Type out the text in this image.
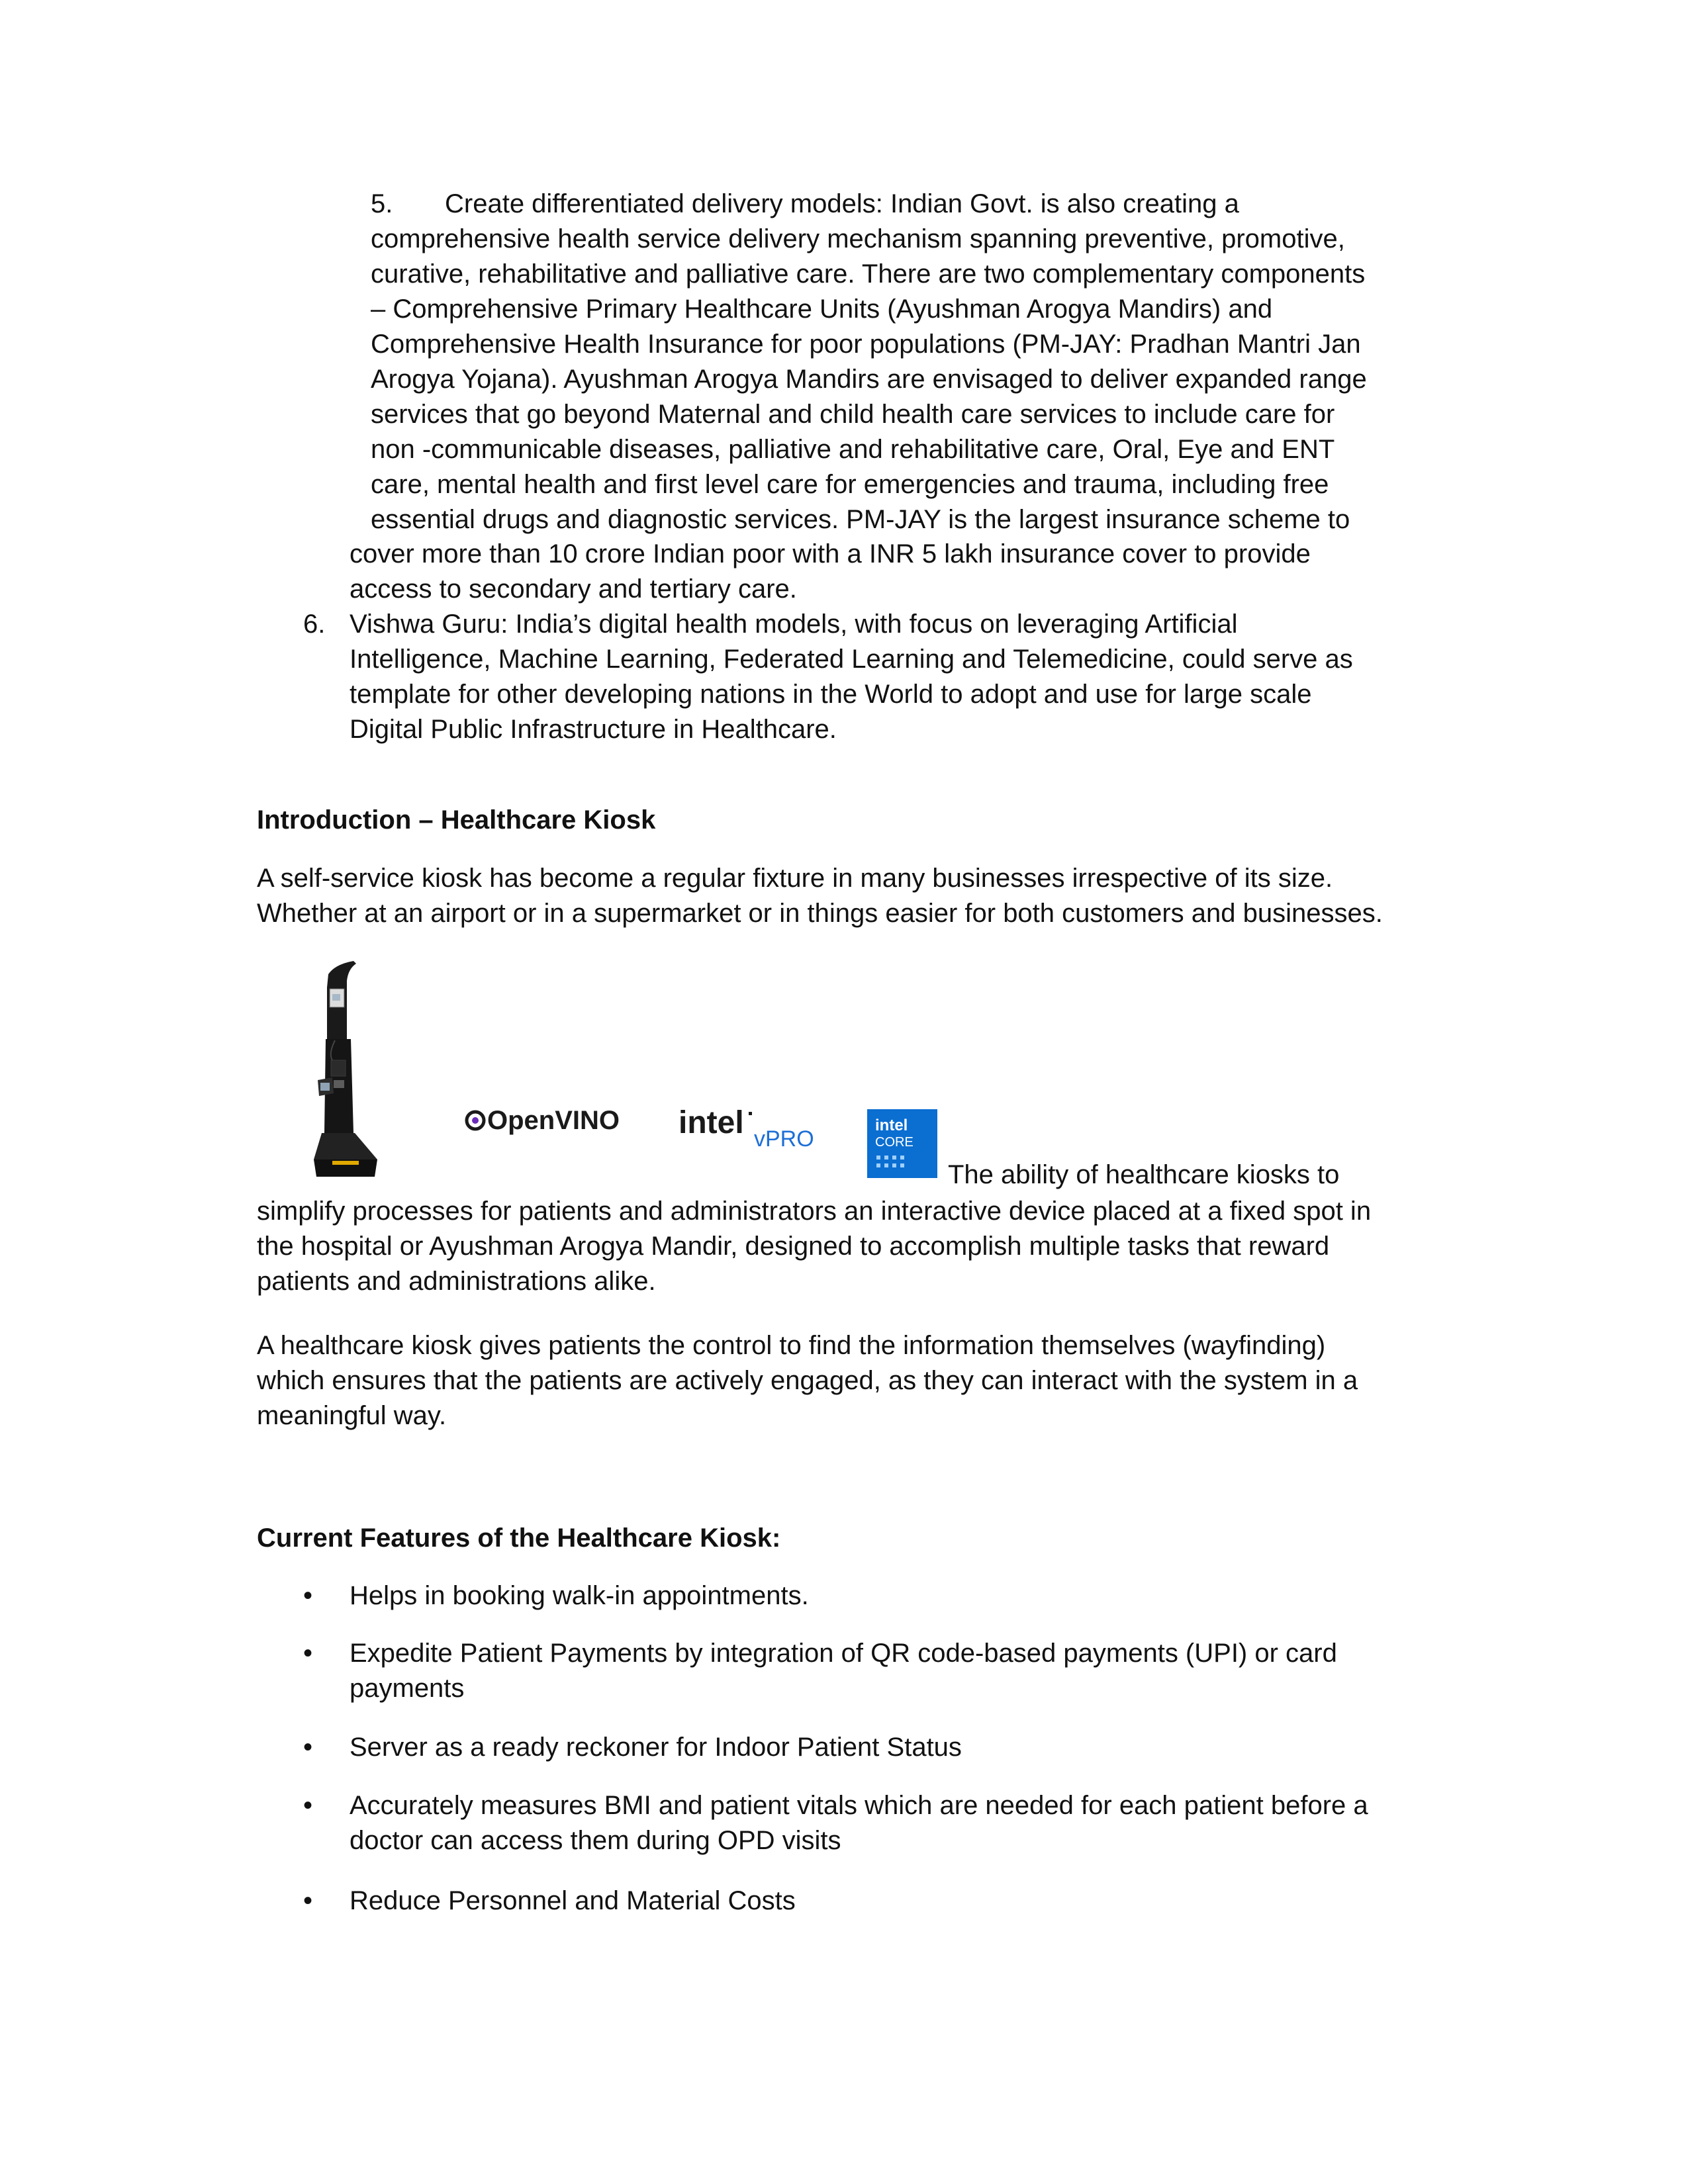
5. Create differentiated delivery models: Indian Govt. is also creating a
comprehensive health service delivery mechanism spanning preventive, promotive,
curative, rehabilitative and palliative care. There are two complementary components
– Comprehensive Primary Healthcare Units (Ayushman Arogya Mandirs) and
Comprehensive Health Insurance for poor populations (PM-JAY: Pradhan Mantri Jan
Arogya Yojana). Ayushman Arogya Mandirs are envisaged to deliver expanded range
services that go beyond Maternal and child health care services to include care for
non -communicable diseases, palliative and rehabilitative care, Oral, Eye and ENT
care, mental health and first level care for emergencies and trauma, including free
essential drugs and diagnostic services. PM-JAY is the largest insurance scheme to
cover more than 10 crore Indian poor with a INR 5 lakh insurance cover to provide
access to secondary and tertiary care.
6. Vishwa Guru: India’s digital health models, with focus on leveraging Artificial
Intelligence, Machine Learning, Federated Learning and Telemedicine, could serve as
template for other developing nations in the World to adopt and use for large scale
Digital Public Infrastructure in Healthcare.
Introduction – Healthcare Kiosk
A self-service kiosk has become a regular fixture in many businesses irrespective of its size.
Whether at an airport or in a supermarket or in things easier for both customers and businesses.
OpenVINO intel vPRO
intel
CORE
The ability of healthcare kiosks to
simplify processes for patients and administrators an interactive device placed at a fixed spot in
the hospital or Ayushman Arogya Mandir, designed to accomplish multiple tasks that reward
patients and administrations alike.
A healthcare kiosk gives patients the control to find the information themselves (wayfinding)
which ensures that the patients are actively engaged, as they can interact with the system in a
meaningful way.
Current Features of the Healthcare Kiosk:
• Helps in booking walk-in appointments.
• Expedite Patient Payments by integration of QR code-based payments (UPI) or card
payments
• Server as a ready reckoner for Indoor Patient Status
• Accurately measures BMI and patient vitals which are needed for each patient before a
doctor can access them during OPD visits
• Reduce Personnel and Material Costs
